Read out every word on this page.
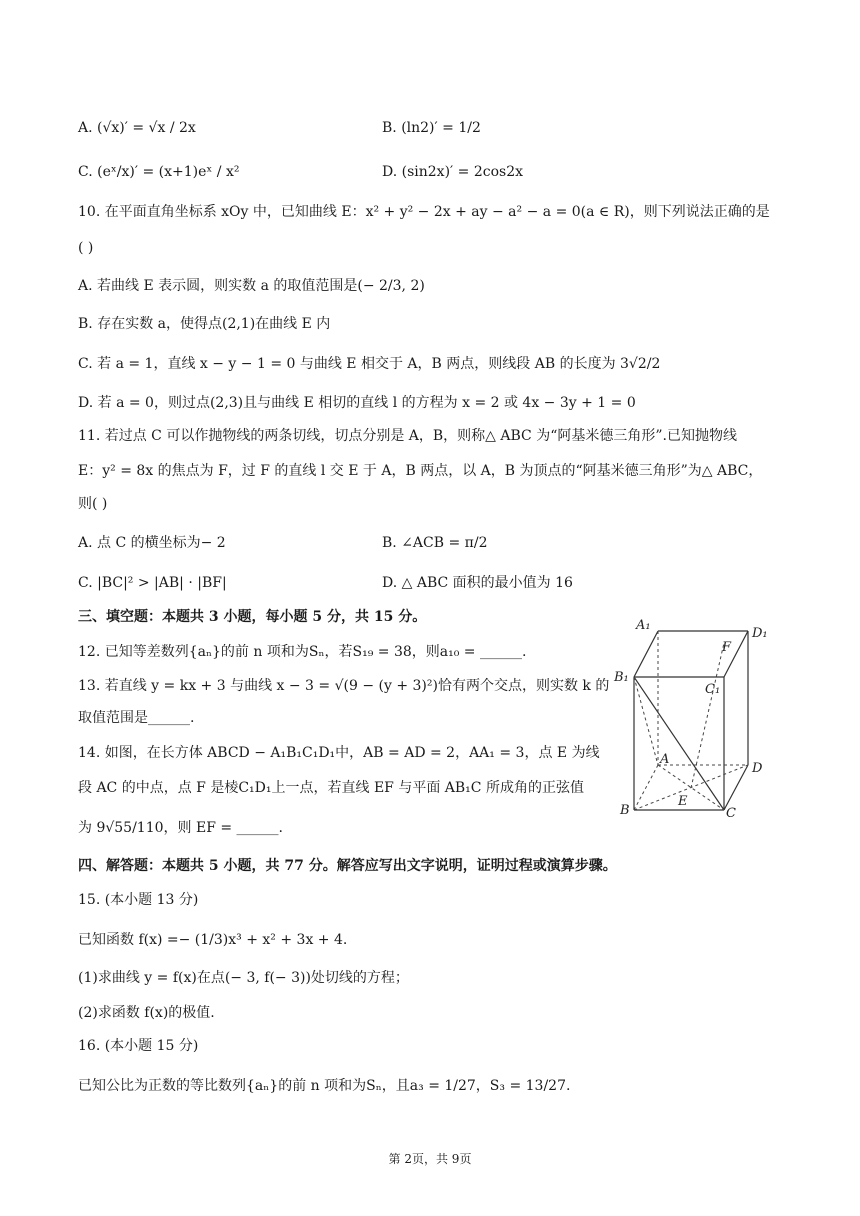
A. (√x)′ = √x / 2x	B. (ln2)′ = 1/2
C. (eˣ/x)′ = (x+1)eˣ / x²	D. (sin2x)′ = 2cos2x
10. 在平面直角坐标系 xOy 中，已知曲线 E：x² + y² − 2x + ay − a² − a = 0(a ∈ R)，则下列说法正确的是
( )
A. 若曲线 E 表示圆，则实数 a 的取值范围是(− 2/3, 2)
B. 存在实数 a，使得点(2,1)在曲线 E 内
C. 若 a = 1，直线 x − y − 1 = 0 与曲线 E 相交于 A，B 两点，则线段 AB 的长度为 3√2/2
D. 若 a = 0，则过点(2,3)且与曲线 E 相切的直线 l 的方程为 x = 2 或 4x − 3y + 1 = 0
11. 若过点 C 可以作抛物线的两条切线，切点分别是 A，B，则称△ ABC 为“阿基米德三角形”.已知抛物线
E：y² = 8x 的焦点为 F，过 F 的直线 l 交 E 于 A，B 两点，以 A，B 为顶点的“阿基米德三角形”为△ ABC，
则( )
A. 点 C 的横坐标为− 2	B. ∠ACB = π/2
C. |BC|² > |AB| · |BF|	D. △ ABC 面积的最小值为 16
三、填空题：本题共 3 小题，每小题 5 分，共 15 分。
12. 已知等差数列{aₙ}的前 n 项和为Sₙ，若S₁₉ = 38，则a₁₀ = ______.
13. 若直线 y = kx + 3 与曲线 x − 3 = √(9 − (y + 3)²)恰有两个交点，则实数 k 的
取值范围是______.
14. 如图，在长方体 ABCD − A₁B₁C₁D₁中，AB = AD = 2，AA₁ = 3，点 E 为线
段 AC 的中点，点 F 是棱C₁D₁上一点，若直线 EF 与平面 AB₁C 所成角的正弦值
为 9√55/110，则 EF = ______.
A₁
D₁
F
B₁
C₁
A
D
E
B	C
四、解答题：本题共 5 小题，共 77 分。解答应写出文字说明，证明过程或演算步骤。
15. (本小题 13 分)
已知函数 f(x) =− (1/3)x³ + x² + 3x + 4.
(1)求曲线 y = f(x)在点(− 3, f(− 3))处切线的方程；
(2)求函数 f(x)的极值.
16. (本小题 15 分)
已知公比为正数的等比数列{aₙ}的前 n 项和为Sₙ，且a₃ = 1/27，S₃ = 13/27.
第 2页，共 9页
